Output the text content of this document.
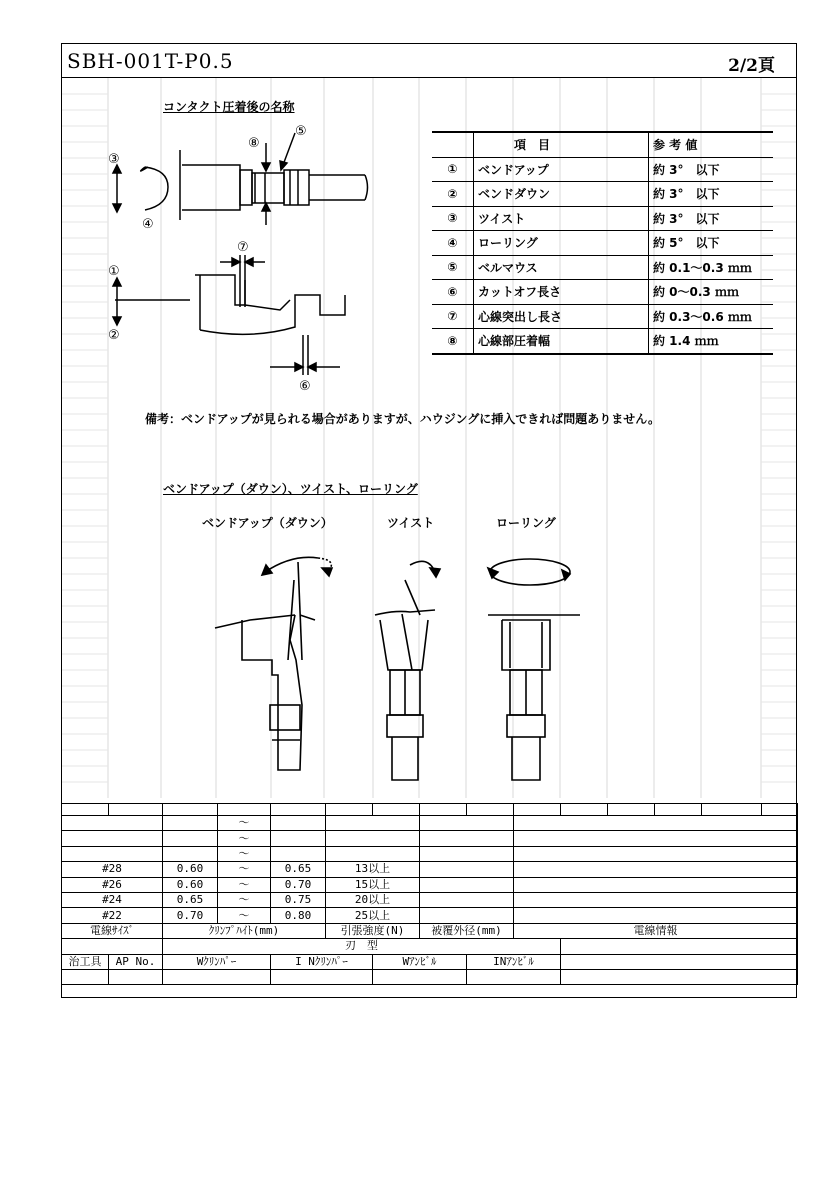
SBH-001T-P0.5	2/2頁
コンタクト圧着後の名称
⑧
⑤
③
④
⑦
①
②
⑥
	項　目	参 考 値
①	ベンドアップ	約 3°　以下
②	ベンドダウン	約 3°　以下
③	ツイスト	約 3°　以下
④	ローリング	約 5°　以下
⑤	ベルマウス	約 0.1〜0.3 ｍｍ
⑥	カットオフ長さ	約 0〜0.3 ｍｍ
⑦	心線突出し長さ	約 0.3〜0.6 ｍｍ
⑧	心線部圧着幅	約 1.4 ｍｍ
備考：ベンドアップが見られる場合がありますが、ハウジングに挿入できれば問題ありません。
ベンドアップ（ダウン）、ツイスト、ローリング
ベンドアップ（ダウン）	ツイスト	ローリング

			〜											
			〜											
			〜											
#28		0.60	〜	0.65	13以上									
#26		0.60	〜	0.70	15以上									
#24		0.65	〜	0.75	20以上									
#22		0.70	〜	0.80	25以上									
電線ｻｲｽﾞ		ｸﾘﾝﾌﾟﾊｲﾄ(mm)			引張強度(N)		被覆外径(mm)		電線情報					
		刃　型												
治工具	AP No.	Wｸﾘﾝﾊﾟｰ		I Nｸﾘﾝﾊﾟｰ		Wｱﾝﾋﾞﾙ		INｱﾝﾋﾞﾙ						
